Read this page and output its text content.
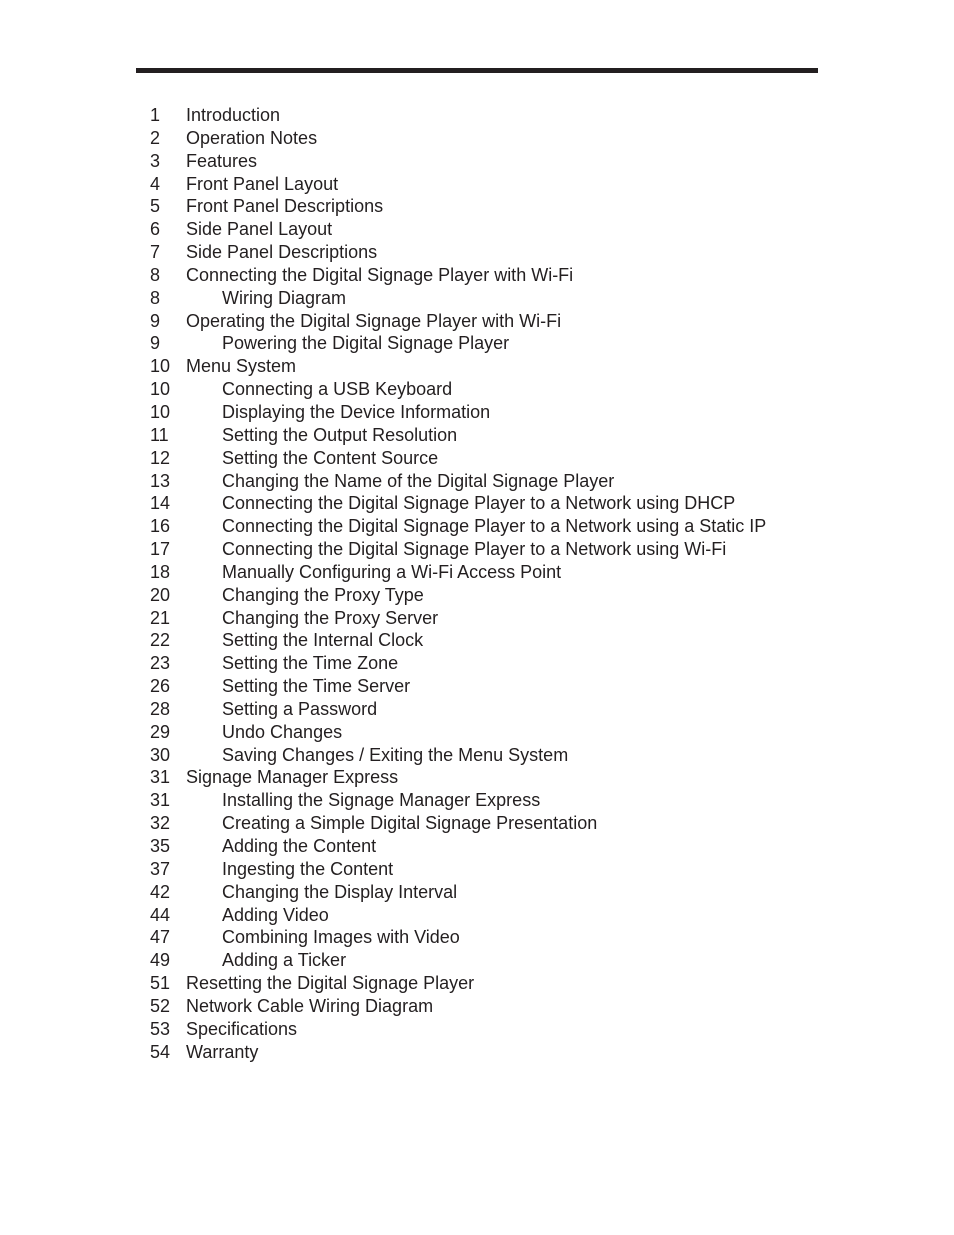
1	Introduction
2	Operation Notes
3	Features
4	Front Panel Layout
5	Front Panel Descriptions
6	Side Panel Layout
7	Side Panel Descriptions
8	Connecting the Digital Signage Player with Wi-Fi
8	Wiring Diagram
9	Operating the Digital Signage Player with Wi-Fi
9	Powering the Digital Signage Player
10 Menu System
10	Connecting a USB Keyboard
10	Displaying the Device Information
11	Setting the Output Resolution
12	Setting the Content Source
13	Changing the Name of the Digital Signage Player
14	Connecting the Digital Signage Player to a Network using DHCP
16	Connecting the Digital Signage Player to a Network using a Static IP
17	Connecting the Digital Signage Player to a Network using Wi-Fi
18	Manually Configuring a Wi-Fi Access Point
20	Changing the Proxy Type
21	Changing the Proxy Server
22	Setting the Internal Clock
23	Setting the Time Zone
26	Setting the Time Server
28	Setting a Password
29	Undo Changes
30	Saving Changes / Exiting the Menu System
31 Signage Manager Express
31	Installing the Signage Manager Express
32	Creating a Simple Digital Signage Presentation
35	Adding the Content
37	Ingesting the Content
42	Changing the Display Interval
44	Adding Video
47	Combining Images with Video
49	Adding a Ticker
51 Resetting the Digital Signage Player
52 Network Cable Wiring Diagram
53 Specifications
54 Warranty
